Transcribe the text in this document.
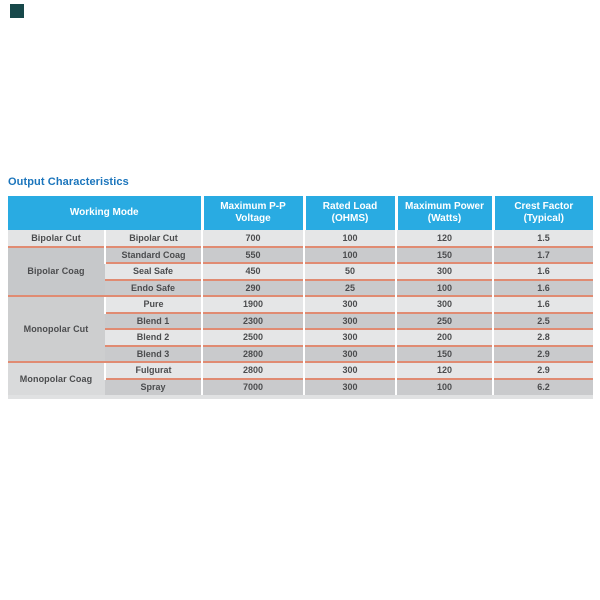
Output Characteristics
Working Mode		Maximum P-P Voltage	Rated Load (OHMS)	Maximum Power (Watts)	Crest Factor (Typical)
Bipolar Cut	Bipolar Cut	700	100	120	1.5
Bipolar Coag	Standard Coag	550	100	150	1.7
	Seal Safe	450	50	300	1.6
	Endo Safe	290	25	100	1.6
Monopolar Cut	Pure	1900	300	300	1.6
	Blend 1	2300	300	250	2.5
	Blend 2	2500	300	200	2.8
	Blend 3	2800	300	150	2.9
Monopolar Coag	Fulgurat	2800	300	120	2.9
	Spray	7000	300	100	6.2
